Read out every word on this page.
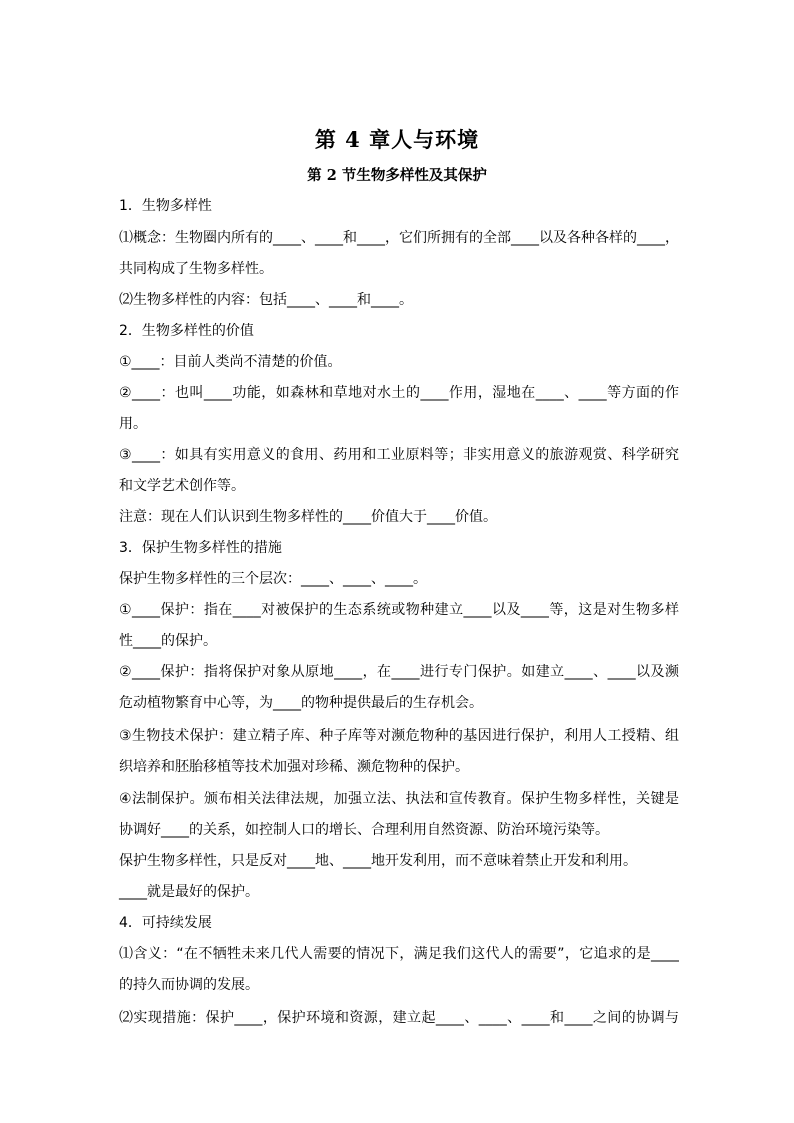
第 4 章人与环境
第 2 节生物多样性及其保护
1．生物多样性
⑴概念：生物圈内所有的____、____和____，它们所拥有的全部____以及各种各样的____，
共同构成了生物多样性。
⑵生物多样性的内容：包括____、____和____。
2．生物多样性的价值
①____：目前人类尚不清楚的价值。
②____：也叫____功能，如森林和草地对水土的____作用，湿地在____、____等方面的作
用。
③____：如具有实用意义的食用、药用和工业原料等；非实用意义的旅游观赏、科学研究
和文学艺术创作等。
注意：现在人们认识到生物多样性的____价值大于____价值。
3．保护生物多样性的措施
保护生物多样性的三个层次：____、____、____。
①____保护：指在____对被保护的生态系统或物种建立____以及____等，这是对生物多样
性____的保护。
②____保护：指将保护对象从原地____，在____进行专门保护。如建立____、____以及濒
危动植物繁育中心等，为____的物种提供最后的生存机会。
③生物技术保护：建立精子库、种子库等对濒危物种的基因进行保护，利用人工授精、组
织培养和胚胎移植等技术加强对珍稀、濒危物种的保护。
④法制保护。颁布相关法律法规，加强立法、执法和宣传教育。保护生物多样性，关键是
协调好____的关系，如控制人口的增长、合理利用自然资源、防治环境污染等。
保护生物多样性，只是反对____地、____地开发利用，而不意味着禁止开发和利用。
____就是最好的保护。
4．可持续发展
⑴含义：“在不牺牲未来几代人需要的情况下，满足我们这代人的需要”，它追求的是____
的持久而协调的发展。
⑵实现措施：保护____，保护环境和资源，建立起____、____、____和____之间的协调与
